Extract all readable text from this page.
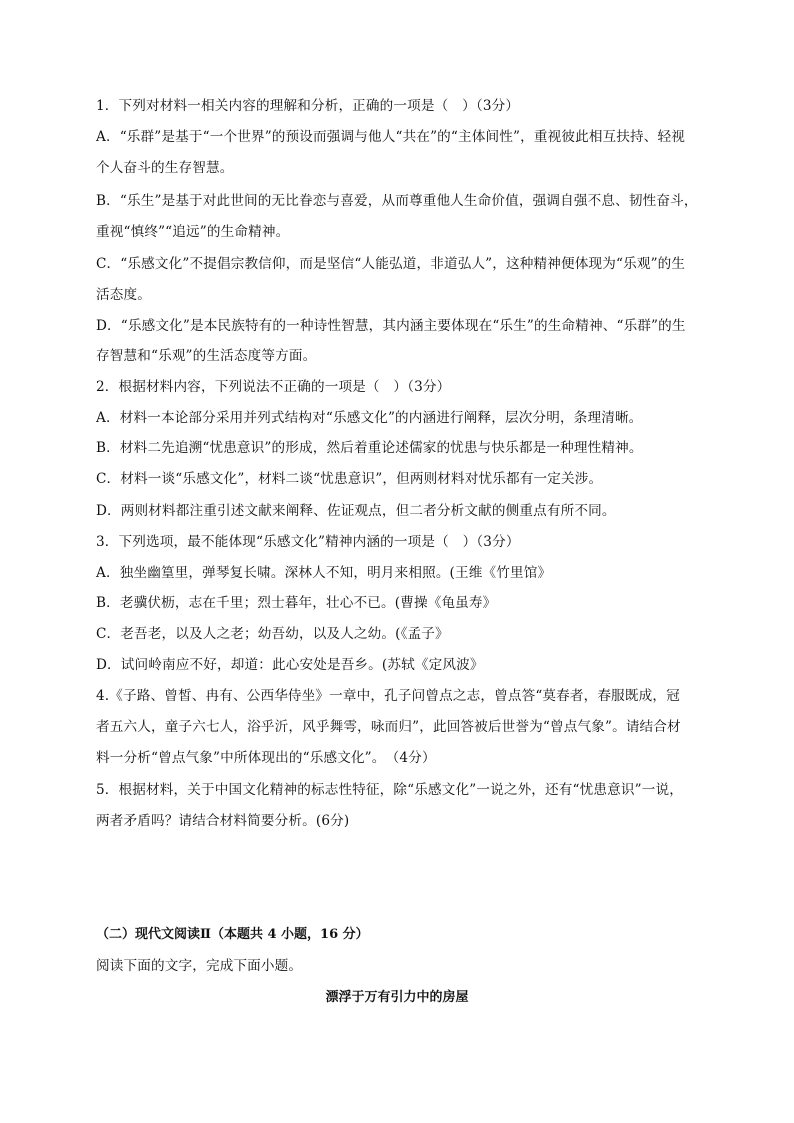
1．下列对材料一相关内容的理解和分析，正确的一项是（　）（3分）
A．“乐群”是基于“一个世界”的预设而强调与他人“共在”的“主体间性”，重视彼此相互扶持、轻视
个人奋斗的生存智慧。
B．“乐生”是基于对此世间的无比眷恋与喜爱，从而尊重他人生命价值，强调自强不息、韧性奋斗，
重视“慎终”“追远”的生命精神。
C．“乐感文化”不提倡宗教信仰，而是坚信“人能弘道，非道弘人”，这种精神便体现为“乐观”的生
活态度。
D．“乐感文化”是本民族特有的一种诗性智慧，其内涵主要体现在“乐生”的生命精神、“乐群”的生
存智慧和“乐观”的生活态度等方面。
2．根据材料内容，下列说法不正确的一项是（　）（3分）
A．材料一本论部分采用并列式结构对“乐感文化”的内涵进行阐释，层次分明，条理清晰。
B．材料二先追溯“忧患意识”的形成，然后着重论述儒家的忧患与快乐都是一种理性精神。
C．材料一谈“乐感文化”，材料二谈“忧患意识”，但两则材料对忧乐都有一定关涉。
D．两则材料都注重引述文献来阐释、佐证观点，但二者分析文献的侧重点有所不同。
3．下列选项，最不能体现“乐感文化”精神内涵的一项是（　）（3分）
A．独坐幽篁里，弹琴复长啸。深林人不知，明月来相照。(王维《竹里馆》
B．老骥伏枥，志在千里；烈士暮年，壮心不已。(曹操《龟虽寿》
C．老吾老，以及人之老；幼吾幼，以及人之幼。(《孟子》
D．试问岭南应不好，却道：此心安处是吾乡。(苏轼《定风波》
4.《子路、曾皙、冉有、公西华侍坐》一章中，孔子问曾点之志，曾点答“莫春者，春服既成，冠
者五六人，童子六七人，浴乎沂，风乎舞雩，咏而归”，此回答被后世誉为“曾点气象”。请结合材
料一分析“曾点气象”中所体现出的“乐感文化”。　（4分）
5．根据材料，关于中国文化精神的标志性特征，除“乐感文化”一说之外，还有“忧患意识”一说，
两者矛盾吗？请结合材料简要分析。(6分)
（二）现代文阅读Ⅱ（本题共 4 小题，16 分）
阅读下面的文字，完成下面小题。
漂浮于万有引力中的房屋
